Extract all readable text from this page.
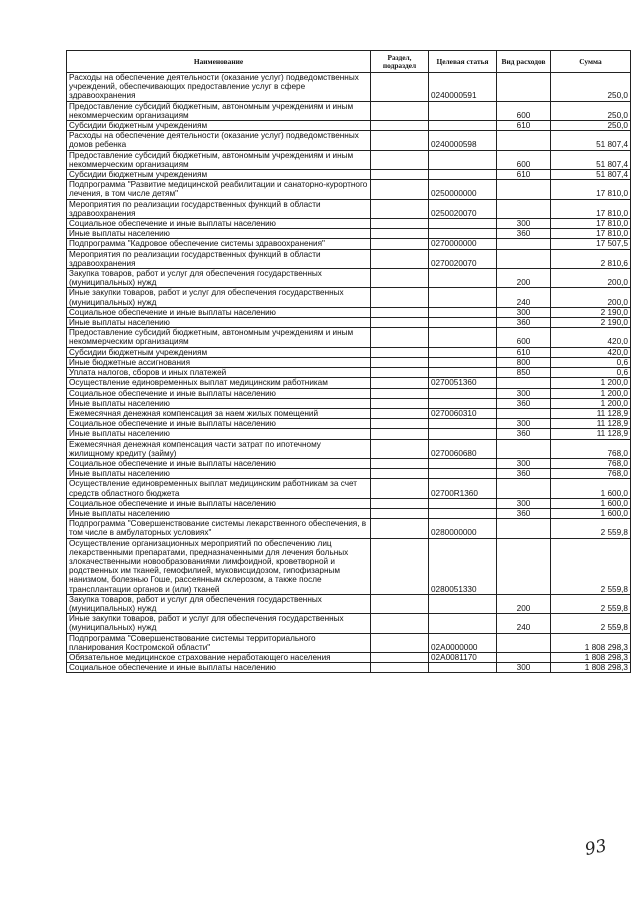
Наименование	Раздел, подраздел	Целевая статья	Вид расходов	Сумма
Расходы на обеспечение деятельности (оказание услуг) подведомственных учреждений, обеспечивающих предоставление услуг в сфере здравоохранения		0240000591		250,0
Предоставление субсидий бюджетным, автономным учреждениям и иным некоммерческим организациям			600	250,0
Субсидии бюджетным учреждениям			610	250,0
Расходы на обеспечение деятельности (оказание услуг) подведомственных домов ребенка		0240000598		51 807,4
Предоставление субсидий бюджетным, автономным учреждениям и иным некоммерческим организациям			600	51 807,4
Субсидии бюджетным учреждениям			610	51 807,4
Подпрограмма "Развитие медицинской реабилитации и санаторно-курортного лечения, в том числе детям"		0250000000		17 810,0
Мероприятия по реализации государственных функций в области здравоохранения		0250020070		17 810,0
Социальное обеспечение и иные выплаты населению			300	17 810,0
Иные выплаты населению			360	17 810,0
Подпрограмма "Кадровое обеспечение системы здравоохранения"		0270000000		17 507,5
Мероприятия по реализации государственных функций в области здравоохранения		0270020070		2 810,6
Закупка товаров, работ и услуг для обеспечения государственных (муниципальных) нужд			200	200,0
Иные закупки товаров, работ и услуг для обеспечения государственных (муниципальных) нужд			240	200,0
Социальное обеспечение и иные выплаты населению			300	2 190,0
Иные выплаты населению			360	2 190,0
Предоставление субсидий бюджетным, автономным учреждениям и иным некоммерческим организациям			600	420,0
Субсидии бюджетным учреждениям			610	420,0
Иные бюджетные ассигнования			800	0,6
Уплата налогов, сборов и иных платежей			850	0,6
Осуществление единовременных выплат медицинским работникам		0270051360		1 200,0
Социальное обеспечение и иные выплаты населению			300	1 200,0
Иные выплаты населению			360	1 200,0
Ежемесячная денежная компенсация за наем жилых помещений		0270060310		11 128,9
Социальное обеспечение и иные выплаты населению			300	11 128,9
Иные выплаты населению			360	11 128,9
Ежемесячная денежная компенсация части затрат по ипотечному жилищному кредиту (займу)		0270060680		768,0
Социальное обеспечение и иные выплаты населению			300	768,0
Иные выплаты населению			360	768,0
Осуществление единовременных выплат медицинским работникам за счет средств областного бюджета		02700R1360		1 600,0
Социальное обеспечение и иные выплаты населению			300	1 600,0
Иные выплаты населению			360	1 600,0
Подпрограмма "Совершенствование системы лекарственного обеспечения, в том числе в амбулаторных условиях"		0280000000		2 559,8
Осуществление организационных мероприятий по обеспечению лиц лекарственными препаратами, предназначенными для лечения больных злокачественными новообразованиями лимфоидной, кроветворной и родственных им тканей, гемофилией, муковисцидозом, гипофизарным нанизмом, болезнью Гоше, рассеянным склерозом, а также после трансплантации органов и (или) тканей		0280051330		2 559,8
Закупка товаров, работ и услуг для обеспечения государственных (муниципальных) нужд			200	2 559,8
Иные закупки товаров, работ и услуг для обеспечения государственных (муниципальных) нужд			240	2 559,8
Подпрограмма "Совершенствование системы территориального планирования Костромской области"		02А0000000		1 808 298,3
Обязательное медицинское страхование неработающего населения		02А0081170		1 808 298,3
Социальное обеспечение и иные выплаты населению			300	1 808 298,3
93
